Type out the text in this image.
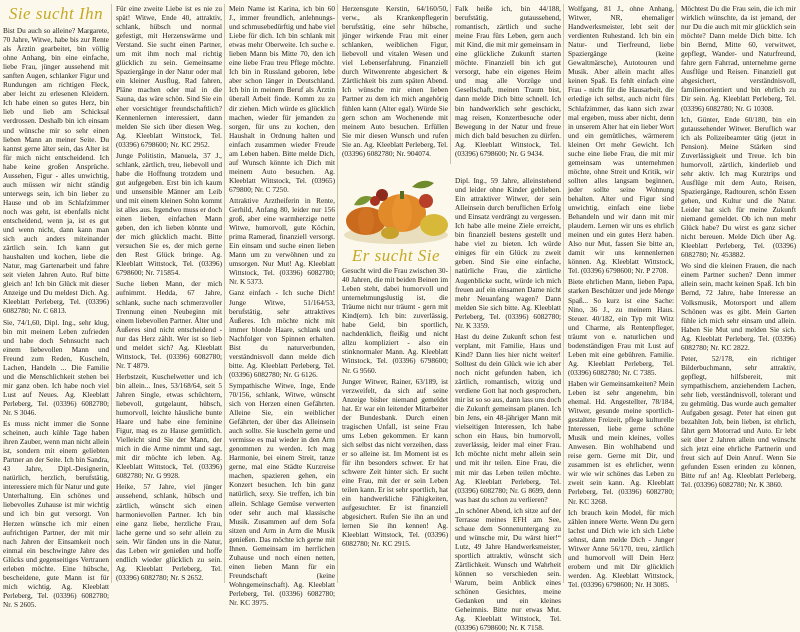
Sie sucht Ihn

Bist Du auch so alleine? Margarete, 70 Jahre, Witwe, habe bis zur Rente als Ärztin gearbeitet, bin völlig ohne Anhang, bin eine einfache, liebe Frau, jünger aussehend mit sanften Augen, schlanker Figur und Rundungen am richtigen Fleck, aber leicht zu erlesenen Kleidern. Ich habe einen so gutes Herz, bin lieb und lieb am Schicksal verdrossen. Deshalb bin ich einsam und wünsche mir so sehr einen lieben Mann an meiner Seite. Du kannst gerne älter sein, das Alter ist für mich nicht entscheidend. Ich habe keine großen Ansprüche. Aussehen, Figur - alles unwichtig, auch müssen wir nicht ständig unterwegs sein, ich bin lieber zu Hause und ob im Schlafzimmer noch was geht, ist ebenfalls nicht entscheidend, wenn ja, ist es gut und wenn nicht, dann kann man sich auch anders miteinander zärtlich sein. Ich kann gut haushalten und kochen, liebe die Natur, mag Gartenarbeit und fahre seit vielen Jahren Auto. Ruf bitte gleich an! Ich bin Glück mit dieser Anzeige und Du meldest Dich. Ag. Kleeblatt Perleberg, Tel. (03396) 6082780; Nr. C 6813.

Sie, 74/1,60, Dipl. Ing., sehr klug, bin mit meinem Leben zufrieden und habe doch Sehnsucht nach einem liebevollen Mann und Freund zum Reden, Kuscheln, Lachen, Handeln ... Die Familie und die Menschlichkeit stehen bei mir ganz oben. Ich habe noch viel Lust auf Neues. Ag. Kleeblatt Perleberg, Tel. (03396) 6082780; Nr. S 3046.

Es muss nicht immer die Sonne scheinen, auch kühle Tage haben ihren Zauber, wenn man nicht allein ist, sondern mit einem geliebten Partner an der Seite. Ich bin Sandra, 43 Jahre, Dipl.-Designerin, natürlich, herzlich, berufstätig, interessiere mich für Natur und gute Unterhaltung. Ein schönes und liebevolles Zuhause ist mir wichtig und ich bin gut versorgt. Von Herzen wünsche ich mir einen aufrichtigen Partner, der mit mir nach Jahren der Einsamkeit noch einmal ein beschwingte Jahre des Glücks und gegenseitiges Vertrauen erleben möchte. Eine hübsche, bescheidene, gute Mann ist für mich wichtig. Ag. Kleeblatt Perleberg, Tel. (03396) 6082780; Nr. S 2605.

Für eine zweite Liebe ist es nie zu spät! Witwe, Ende 40, attraktiv, schlank, hübsch und normal gefestigt, mit Herzenswärme und Verstand. Sie sucht einen Partner, um mit ihm noch mal richtig glücklich zu sein. Gemeinsame Spaziergänge in der Natur oder mal ein kleiner Ausflug, Rad fahren, Pläne machen oder mal in die Sauna, das wäre schön. Sind Sie ein eher vorsichtiger freundschaftlich? Kennenlernen interessiert, dann melden Sie sich über diesen Weg. Ag. Kleeblatt Wittstock, Tel. (03396) 6798600; Nr. KC 2952.

Junge Politistin, Manuela, 37 J., schlank, zärtlich, treu, liebevoll und habe die Hoffnung trotzdem und gut aufgegeben. Erst bin ich kaum und unsensible Männer am Leib und mit einem kleinen Sohn kommt ist alles aus. Irgendwo muss er doch einen lieben, einfachen Mann geben, den ich lieben könnte und der mich glücklich macht. Bitte versuchen Sie es, der mich gerne den Rest Glück bringe. Ag. Kleeblatt Wittstock, Tel. (03396) 6798600; Nr. 715854.

Suche lieben Mann, der mich aufnimmt. Hedda, 67 Jahre, schlank, suche nach schmerzvoller Trennung einen Neubeginn mit einem liebevollen Partner. Älter und Äußeres sind nicht entscheidend - nur das Herz zählt. Wer ist so lieb und meldet sich? Ag. Kleeblatt Wittstock, Tel. (03396) 6082780; Nr. T 4879.

Herbstzeit, Kuschelwetter und ich bin allein... Ines, 53/168/64, seit 5 Jahren Single, etwas schüchtern, liebevoll, gutgelaunt, hübsch, humorvoll, leichte häusliche bunte Haare und habe eine feminine Figur, mag es zu Hause gemütlich. Vielleicht sind Sie der Mann, der mich in die Arme nimmt und sagt, mit dir möchte ich leben. Ag. Kleeblatt Wittstock, Tel. (03396) 6082780; Nr. G 9928.

Heike, 57 Jahre, viel jünger aussehend, schlank, hübsch und zärtlich, wünscht sich einen harmonievollen Partner. Ich bin eine ganz liebe, herzliche Frau, lache gerne und so sehr allein zu sein. Wir fänden uns in die Natur, das Leben wir genießen und hoffe endlich wieder glücklich zu sein. Ag. Kleeblatt Perleberg, Tel. (03396) 6082780; Nr. S 2652.

Mein Name ist Karina, ich bin 60 J., immer freundlich, anlehnungs- und schmusebedürftig und habe viel Liebe für dich. Ich bin schlank mit etwas mehr Oberweite. Ich suche e. lieben Mann bis Mitte 70, den ich eine liebe Frau treu Pflege möchte. Ich bin in Russland geboren, lebe aber schon länger in Deutschland. Ich bin in meinem Beruf als Ärztin überall Arbeit finde. Komm zu zu dir ziehen. Mich würde es glücklich machen, wieder für jemanden zu sorgen, für uns zu kochen, den Haushalt in Ordnung halten und einfach zusammen wieder Freude am Leben haben. Bitte melde Dich, auf Wunsch könnte ich Dich mit meinem Auto besuchen. Ag. Kleeblatt Wittstock, Tel. (03965) 679800; Nr. C 7250.

Attraktive Arztheiferin in Rente, Gerhild, Anfang 80, leider nur 156 groß, aber eine warmherzige nette Witwe, humorvoll, gute Köchin, prima Ramerad, finanziell versorgt. Ein einsam und suche einen lieben Mann um zu verwöhnen und zu umsorgen. Nur Mut! Ag. Kleeblatt Wittstock, Tel. (03396) 6082780; Nr. K 5373.

Ganz einfach - Ich suche Dich! Junge Witwe, 51/164/53, berufstätig, sehr attraktives Äußeres. Ich möchte nicht mit immer blonde Haare, schlank und Nachfolger von Spinnen erhalten. Bist du naturverbunden, verständnisvoll dann melde dich bitte. Ag. Kleeblatt Perleberg, Tel. (03396) 6082780; Nr. G 6126.

Sympathische Witwe, Inge, Ende 70/156, schlank, Witwe, wünscht sich von Herzen einen Gefährten. Alleine Sie, ein weiblicher Gefährten, der über das Alleinsein auch sollte. Sie kuscheln gerne und vermisse es mal wieder in den Arm genommen zu werden. Ich mag Harmonie, bei einem Streit, tanze gerne, mal eine Städte Kurzreise machen, spazieren gehen, ein Konzert besuchen. Ich bin ganz natürlich, sexy. Sie treffen, ich bin allein. Schlage Gemüse verwerten oder sehr auch mal klassische Musik. Zusammen auf dem Sofa sitzen und Arm in Arm die Musik genießen. Das möchte ich gerne mit Ihnen. Gemeinsam im herrlichen Zuhause und noch einen netten, einen lieben Mann für ein Freundschaft (keine Wohngemeinschaft). Ag. Kleeblatt Perleberg, Tel. (03396) 6082780; Nr. KC 3975.

Herzensgute Kerstin, 64/160/50, verw., als Krankenpflegerin berufstätig, eine sehr hübsche, jünger wirkende Frau mit einer schlanken, weiblichen Figur, liebevoll und vitalen Wesen und viel Lebenserfahrung. Finanziell durch Witwenrente abgesichert & Zärtlichkeit bis zum späten Abend. Ich wünsche mir einen lieben Partner zu dem ich mich angehörig fühlen kann (Alter egal). Würde Sie gern schon am Wochenende mit meinem Auto besuchen. Erfüllen Sie mir diesen Wunsch und rufen Sie an. Ag. Kleeblatt Perleberg, Tel. (03396) 6082780; Nr. 904074.

Gesucht wird die Frau zwischen 30-40 Jahren, die mit beiden Beinen im Leben steht, dabei humorvoll und unternehmungslustig ist, die Träume nicht nur träumt - gern mit Kind(ern). Ich bin: zuverlässig, habe Geld, bin sportlich, nachdenklich, fleißig und nicht allzu kompliziert - also ein stinknormaler Mann. Ag. Kleeblatt Wittstock, Tel. (03396) 6798600; Nr. G 9560.

Junger Witwer, Rainer, 63/189, ist verzweifelt, da sich auf seine Anzeige bisher niemand gemeldet hat. Er war ein leitender Mitarbeiter der Bundesbank. Durch einen tragischen Unfall, ist seine Frau ums Leben gekommen. Er kann sich selbst das nicht verzeihen, dass er so alleine ist. Im Moment ist es für ihn besonders schwer. Er hat schwere Zeit hinter sich. Er sucht eine Frau, mit der er sein Leben teilen kann. Er ist sehr sportlich, hat ein handwerkliche Fähigkeiten, aufgesuchter. Er ist finanziell abgesichert. Rufen Sie ihn an und lernen Sie ihn kennen! Ag. Kleeblatt Wittstock, Tel. (03396) 6082780; Nr. KC 2915.

Falk heiße ich, bin 44/188, berufstätig, gutaussehend, romantisch, zärtlich und suche meine Frau fürs Leben, gern auch mit Kind, die mit mir gemeinsam in eine glückliche Zukunft starten möchte. Finanziell bin ich gut versorgt, habe ein eigenes Heim und mag alle Vorzüge und Gesellschaft, meinen Traum bist, dann melde Dich bitte schnell. Ich bin handwerklich sehr geschickt, mag reisen, Konzertbesuche oder Bewegung in der Natur und freue mich dich bald besuchen zu dürfen. Ag. Kleeblatt Wittstock, Tel. (03396) 6798600; Nr. G 9434.

Dipl. Ing., 59 Jahre, alleinstehend und leider ohne Kinder geblieben. Ein attraktiver Witwer, der sein Alleinsein durch beruflichen Erfolg und Einsatz verdrängt zu vergessen. Ich habe alle meine Ziele erreicht, bin finanziell bestens gestellt und habe viel zu bieten. Ich würde einiges für ein Glück zu zweit geben. Sind Sie eine einfache, natürliche Frau, die zärtliche Augenblicke sucht, würde ich mich freuen auf ein einsamen Dame nicht mehr Neuanfang wagen? Dann melden Sie sich bitte. Ag. Kleeblatt Perleberg, Tel. (03396) 6082780; Nr. K 3359.

Hast du deine Zukunft schon fest verplant, mit Familie, Haus und Kind? Dann lies hier nicht weiter! Solltest du dein Glück wie ich aber noch nicht gefunden haben, ich zärtlich, romantisch, witzig und verdiene Gott hat noch gesprochen, mir ist so so aus, dann lass uns doch die Zukunft gemeinsam planen. Ich bin Jens, ein 48-jähriger Mann mit vielseitigen Interessen, Ich habe schon ein Haus, bin humorvoll, zuverlässig, leider mal einer Frau. Ich möchte nicht mehr allein sein und mit ihr teilen. Eine Frau, die mit mir das Leben teilen möchte. Ag. Kleeblatt Perleberg, Tel. (03396) 6082780; Nr. G 8699, denn was hast du schon zu verlieren?

„In schöner Abend, ich sitze auf der Terrasse meines EFH am See, schaue dem Sonnenuntergang zu und wünsche mir, Du wärst hier!“ Lutz, 49 Jahre Handwerksmeister, sportlich attraktiv, wünscht sich Zärtlichkeit. Wunsch und Wahrheit können so verschieden sein. Warum, beim Anblick eines schönen Gesichtes, meine Gedanken und ein kleines Geheimnis. Bitte nur etwas Mut. Ag. Kleeblatt Wittstock, Tel. (03396) 6798600; Nr. K 7158.

Wolfgang, 81 J., ohne Anhang, Witwer, NR, ehemaliger Handwerksmeister, lebt seit der verdienten Ruhestand. Ich bin ein Natur- und Tierfreund, liebe Spaziergänge (keine Gewaltmärsche), Autotouren und Musik. Aber allein macht alles keinen Spaß. Es fehlt einfach eine Frau - nicht für die Hausarbeit, die erledige ich selbst, auch nicht fürs Schlafzimmer, das kann sich zwar mal ergeben, muss aber nicht, denn in unserem Alter hat ein lieber Wort und ein gemütliches, wärmerem kleinen Ort mehr Gewicht. Ich suche eine liebe Frau, die mit mir gemeinsam was unternehmen möchte, ohne Streit und Kritik, wir sollten alles langsam beginnen, jeder sollte seine Wohnung behalten. Alter und Figur sind unwichtig, einfach eine liebe Behandeln und wir dann mit mir plaudern. Lernen wir uns es ehrlich meinen und ein gutes Herz haben. Also nur Mut, fassen Sie bitte an, damit wir uns kennenlernen können. Ag. Kleeblatt Wittstock, Tel. (03396) 6798600; Nr. P 2708.

Biete ehrlichen Mann, lieben Papa, starken Beschützer und jede Menge Spaß... So kurz ist eine Sache: Nino, 36 J., zu meinem Haus. Steuer. 40/182, ein Typ mit Witz und Charme, als Rentenpfleger, träumt von e. naturlichen und bodenständigen Frau mit Lust auf Leben mit eine gebühren. Familie. Ag. Kleeblatt Perleberg, Tel. (03396) 6082780; Nr. C 7385.

Haben wir Gemeinsamkeiten? Mein Leben ist sehr angenehm, bin ehemal. Hd. Angestellter, 78/184, Witwer, gesunde meine sportlich-gestaltete Freizeit, pflege kulturelle Interessen, liebe gerne schöne Musik und mein kleines, volles Anwesen. Bin wohlhabend und reise gern. Gerne mit Dir, und zusammen ist es ehrlicher, wenn wir wie wir schönes das Leben zu zweit sein kann. Ag. Kleeblatt Perleberg, Tel. (03396) 6082780; Nr. KC 3268.

Ich brauch kein Model, für mich zählen innere Werte. Wenn Du gern lachst und Dich wie ich sich Liebe sehnst, dann melde Dich - Junger Witwer Anne 56/170, treu, zärtlich und humorvoll will Dein Herz erobern und mit Dir glücklich werden. Ag. Kleeblatt Wittstock, Tel. (03396) 6798600; Nr. H 3085.

Möchtest Du die Frau sein, die ich mir wirklich wünschte, da ist jemand, der nur Du die auch mit mir glücklich sein möchte? Dann melde Dich bitte. Ich bin Bernd, Mitte 60, verwitwet, gepflegt, Wander- und Naturfreund, fahre gern Fahrrad, unternehme gerne Ausflüge und Reisen. Finanziell gut abgesichert, verständnisvoll, familienorientiert und bin ehrlich zu Dir sein. Ag. Kleeblatt Perleberg, Tel. (03396) 6082780; Nr. G 10308.

Ich, Günter, Ende 60/180, bin ein gutaussehender Witwer. Beruflich war ich als Polizeibeamter tätig (jetzt in Pension). Meine Stärken sind Zuverlässigkeit und Treue. Ich bin humorvoll, zärtlich, kinderlieb und sehr aktiv. Ich mag Kurztrips und Ausflüge mit dem Auto, Reisen, Spaziergänge, Radtouren, schön Essen gehen, und Kultur und die Natur. Leider hat sich für meine Zukunft niemand gemeldet. Ob ich nun mehr Glück habe? Du wirst es ganz sicher nicht bereuen. Melde Dich über Ag. Kleeblatt Perleberg, Tel. (03396) 6082780; Nr. 453882.

Wo sind die kleinen Frauen, die nach einem Partner suchen? Denn immer allein sein, macht keinen Spaß. Ich bin Bernd, 72 Jahre, habe Interesse an Volksmusik, Motorsport und allem Schönen was es gibt. Mein Garten fühle ich mich sehr einsam und allein. Haben Sie Mut und melden Sie sich. Ag. Kleeblatt Perleberg, Tel. (03396) 6082780; Nr. KC 2822.

Peter, 52/178, ein richtiger Bilderbuchmann, sehr attraktiv, gepflegt, hilfsbereit, mit sympathischem, anziehendem Lachen, sehr lieb, verständnisvoll, tolerant und zu gehmütig. Das wurde auch gemalter Aufgaben gesagt. Peter hat einen gut bezahlten Job, bein lieben, ist ehrlich, fährt gern Motorrad und Auto. Er lebt seit über 2 Jahren allein und wünscht sich jetzt eine ehrliche Partnerin und freut sich auf Dein Anruf. Wenn Sie gefunden Essen erinden zu können, Bitte ruf an! Ag. Kleeblatt Perleberg, Tel. (03396) 6082780; Nr. K 3860.

Er sucht Sie
